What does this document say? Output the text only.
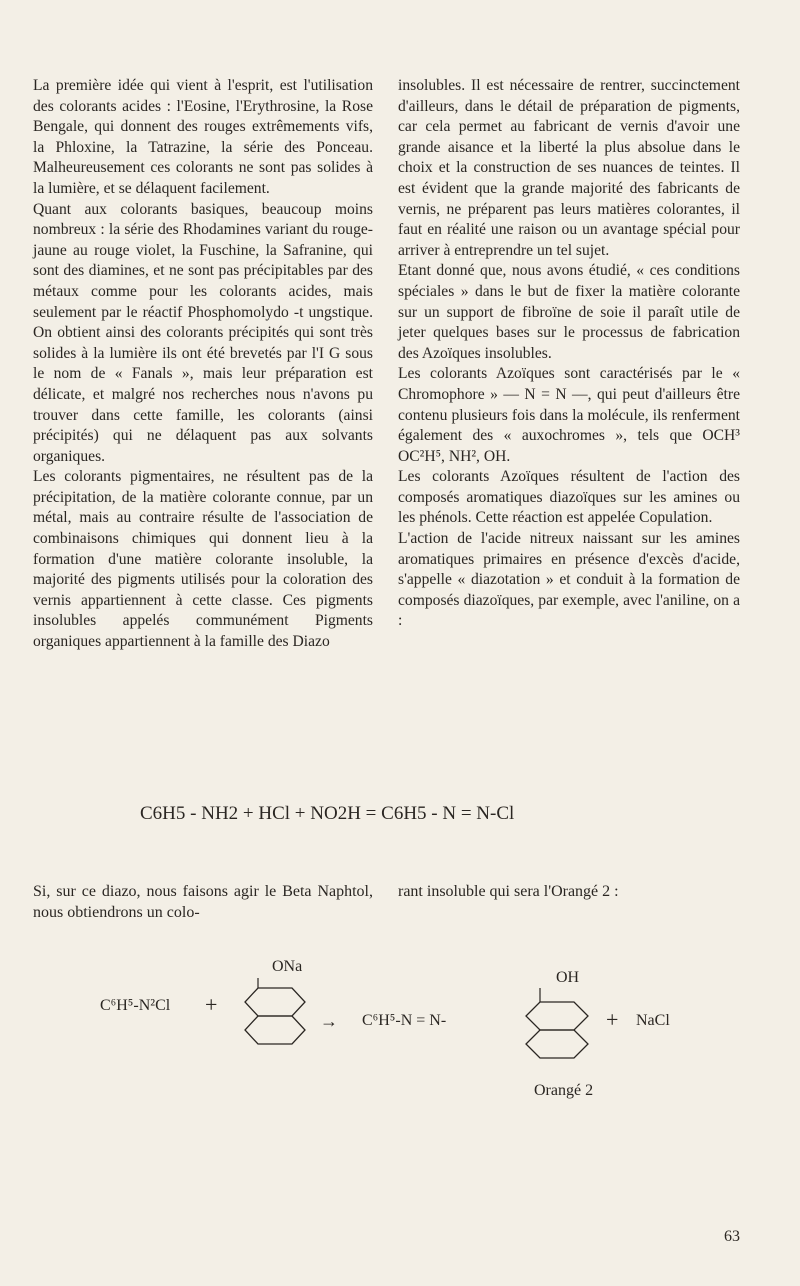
La première idée qui vient à l'esprit, est l'utilisation des colorants acides : l'Eosine, l'Erythrosine, la Rose Bengale, qui donnent des rouges extrêmements vifs, la Phloxine, la Tatrazine, la série des Ponceau. Malheureusement ces colorants ne sont pas solides à la lumière, et se délaquent facilement.

Quant aux colorants basiques, beaucoup moins nombreux : la série des Rhodamines variant du rouge-jaune au rouge violet, la Fuschine, la Safranine, qui sont des diamines, et ne sont pas précipitables par des métaux comme pour les colorants acides, mais seulement par le réactif Phosphomolydo -t ungstique. On obtient ainsi des colorants précipités qui sont très solides à la lumière ils ont été brevetés par l'I G sous le nom de « Fanals », mais leur préparation est délicate, et malgré nos recherches nous n'avons pu trouver dans cette famille, les colorants (ainsi précipités) qui ne délaquent pas aux solvants organiques.

Les colorants pigmentaires, ne résultent pas de la précipitation, de la matière colorante connue, par un métal, mais au contraire résulte de l'association de combinaisons chimiques qui donnent lieu à la formation d'une matière colorante insoluble, la majorité des pigments utilisés pour la coloration des vernis appartiennent à cette classe. Ces pigments insolubles appelés communément Pigments organiques appartiennent à la famille des Diazo

insolubles. Il est nécessaire de rentrer, succinctement d'ailleurs, dans le détail de préparation de pigments, car cela permet au fabricant de vernis d'avoir une grande aisance et la liberté la plus absolue dans le choix et la construction de ses nuances de teintes. Il est évident que la grande majorité des fabricants de vernis, ne préparent pas leurs matières colorantes, il faut en réalité une raison ou un avantage spécial pour arriver à entreprendre un tel sujet.

Etant donné que, nous avons étudié, « ces conditions spéciales » dans le but de fixer la matière colorante sur un support de fibroïne de soie il paraît utile de jeter quelques bases sur le processus de fabrication des Azoïques insolubles.

Les colorants Azoïques sont caractérisés par le « Chromophore » — N = N —, qui peut d'ailleurs être contenu plusieurs fois dans la molécule, ils renferment également des « auxochromes », tels que OCH³ OC²H⁵, NH², OH.

Les colorants Azoïques résultent de l'action des composés aromatiques diazoïques sur les amines ou les phénols. Cette réaction est appelée Copulation.

L'action de l'acide nitreux naissant sur les amines aromatiques primaires en présence d'excès d'acide, s'appelle « diazotation » et conduit à la formation de composés diazoïques, par exemple, avec l'aniline, on a :

C6H5 - NH2 + HCl + NO2H = C6H5 - N = N-Cl
Si, sur ce diazo, nous faisons agir le Beta Naphtol, nous obtiendrons un colo-
rant insoluble qui sera l'Orangé 2 :
C⁶H⁵-N²Cl +
ONa
→ C⁶H⁵-N = N-
OH
+ NaCl
Orangé 2
63
